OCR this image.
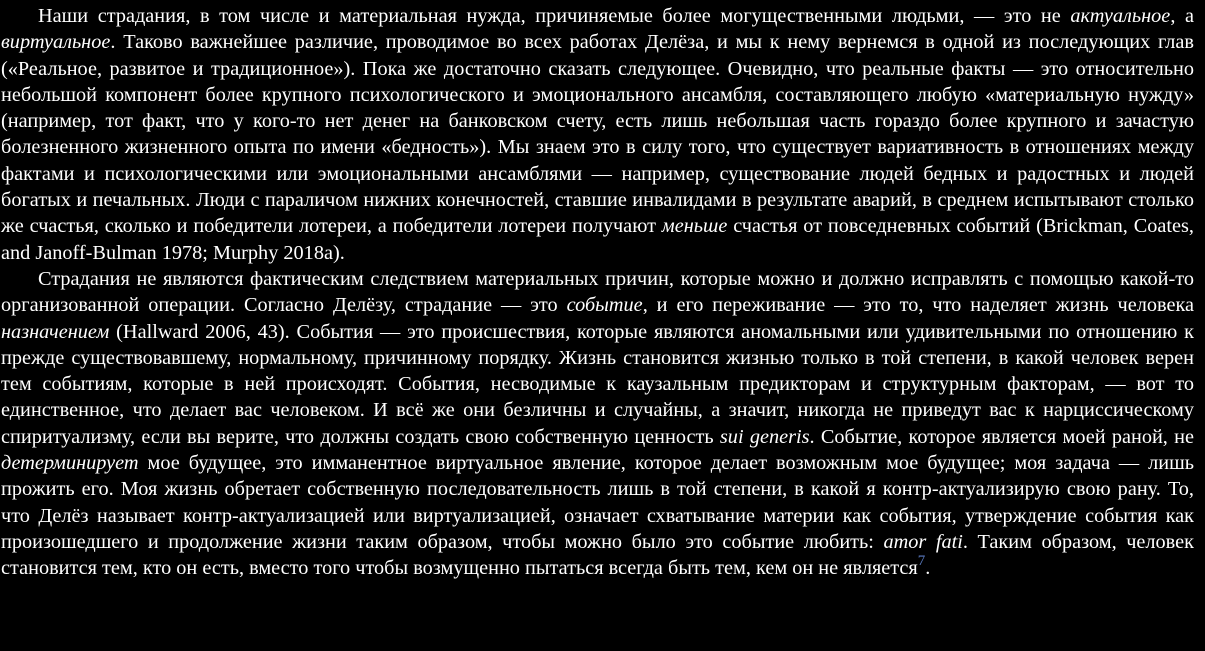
Наши страдания, в том числе и материальная нужда, причиняемые более могущественными людьми, — это не актуальное, а виртуальное. Таково важнейшее различие, проводимое во всех работах Делёза, и мы к нему вернемся в одной из последующих глав («Реальное, развитое и традиционное»). Пока же достаточно сказать следующее. Очевидно, что реальные факты — это относительно небольшой компонент более крупного психологического и эмоционального ансамбля, составляющего любую «материальную нужду» (например, тот факт, что у кого-то нет денег на банковском счету, есть лишь небольшая часть гораздо более крупного и зачастую болезненного жизненного опыта по имени «бедность»). Мы знаем это в силу того, что существует вариативность в отношениях между фактами и психологическими или эмоциональными ансамблями — например, существование людей бедных и радостных и людей богатых и печальных. Люди с параличом нижних конечностей, ставшие инвалидами в результате аварий, в среднем испытывают столько же счастья, сколько и победители лотереи, а победители лотереи получают меньше счастья от повседневных событий (Brickman, Coates, and Janoff-Bulman 1978; Murphy 2018a).

Страдания не являются фактическим следствием материальных причин, которые можно и должно исправлять с помощью какой-то организованной операции. Согласно Делёзу, страдание — это событие, и его переживание — это то, что наделяет жизнь человека назначением (Hallward 2006, 43). События — это происшествия, которые являются аномальными или удивительными по отношению к прежде существовавшему, нормальному, причинному порядку. Жизнь становится жизнью только в той степени, в какой человек верен тем событиям, которые в ней происходят. События, несводимые к каузальным предикторам и структурным факторам, — вот то единственное, что делает вас человеком. И всё же они безличны и случайны, а значит, никогда не приведут вас к нарциссическому спиритуализму, если вы верите, что должны создать свою собственную ценность sui generis. Событие, которое является моей раной, не детерминирует мое будущее, это имманентное виртуальное явление, которое делает возможным мое будущее; моя задача — лишь прожить его. Моя жизнь обретает собственную последовательность лишь в той степени, в какой я контр-актуализирую свою рану. То, что Делёз называет контр-актуализацией или виртуализацией, означает схватывание материи как события, утверждение события как произошедшего и продолжение жизни таким образом, чтобы можно было это событие любить: amor fati. Таким образом, человек становится тем, кто он есть, вместо того чтобы возмущенно пытаться всегда быть тем, кем он не является$^7$.
